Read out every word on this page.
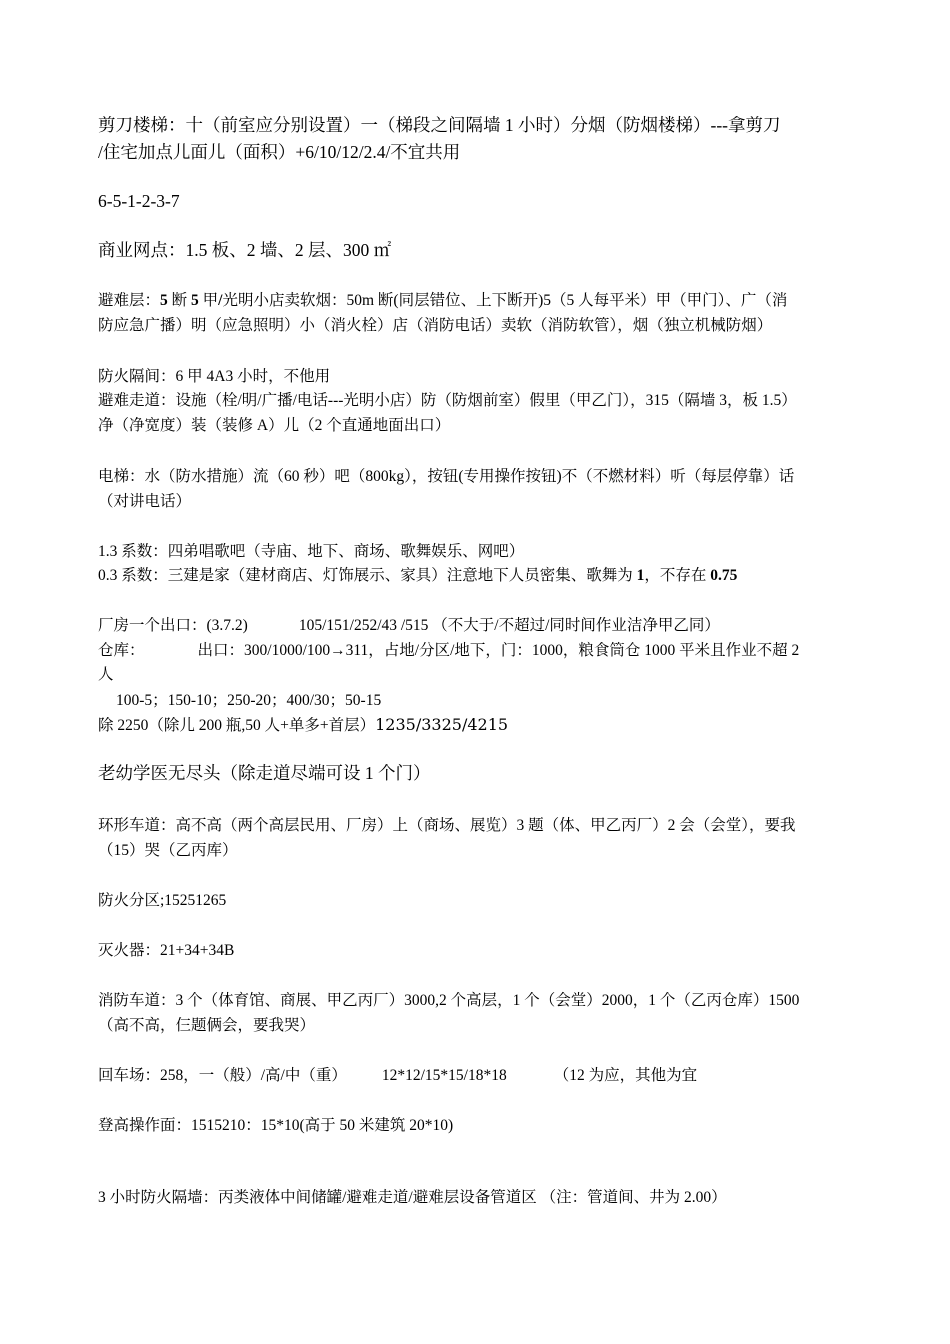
剪刀楼梯：十（前室应分别设置）一（梯段之间隔墙 1 小时）分烟（防烟楼梯）---拿剪刀
/住宅加点儿面儿（面积）+6/10/12/2.4/不宜共用
6-5-1-2-3-7
商业网点：1.5 板、2 墙、2 层、300 ㎡
避难层：5 断 5 甲/光明小店卖软烟：50m 断(同层错位、上下断开)5（5 人每平米）甲（甲门）、广（消
防应急广播）明（应急照明）小（消火栓）店（消防电话）卖软（消防软管），烟（独立机械防烟）
防火隔间：6 甲 4A3 小时，不他用
避难走道：设施（栓/明/广播/电话---光明小店）防（防烟前室）假里（甲乙门），315（隔墙 3，板 1.5）
净（净宽度）装（装修 A）儿（2 个直通地面出口）
电梯：水（防水措施）流（60 秒）吧（800kg），按钮(专用操作按钮)不（不燃材料）听（每层停靠）话
（对讲电话）
1.3 系数：四弟唱歌吧（寺庙、地下、商场、歌舞娱乐、网吧）
0.3 系数：三建是家（建材商店、灯饰展示、家具）注意地下人员密集、歌舞为 1，不存在 0.75
厂房一个出口：(3.7.2)	105/151/252/43 /515 （不大于/不超过/同时间作业洁净甲乙同）
仓库：	出口：300/1000/100→311，占地/分区/地下，门：1000，粮食筒仓 1000 平米且作业不超 2
人
100-5；150-10；250-20；400/30；50-15
除 2250（除儿 200 瓶,50 人+单多+首层）1235/3325/4215
老幼学医无尽头（除走道尽端可设 1 个门）
环形车道：高不高（两个高层民用、厂房）上（商场、展览）3 题（体、甲乙丙厂）2 会（会堂），要我
（15）哭（乙丙库）
防火分区;15251265
灭火器：21+34+34B
消防车道：3 个（体育馆、商展、甲乙丙厂）3000,2 个高层，1 个（会堂）2000，1 个（乙丙仓库）1500
（高不高，仨题俩会，要我哭）
回车场：258，一（般）/高/中（重） 12*12/15*15/18*18	（12 为应，其他为宜
登高操作面：1515210：15*10(高于 50 米建筑 20*10)
3 小时防火隔墙：丙类液体中间储罐/避难走道/避难层设备管道区 （注：管道间、井为 2.00）
